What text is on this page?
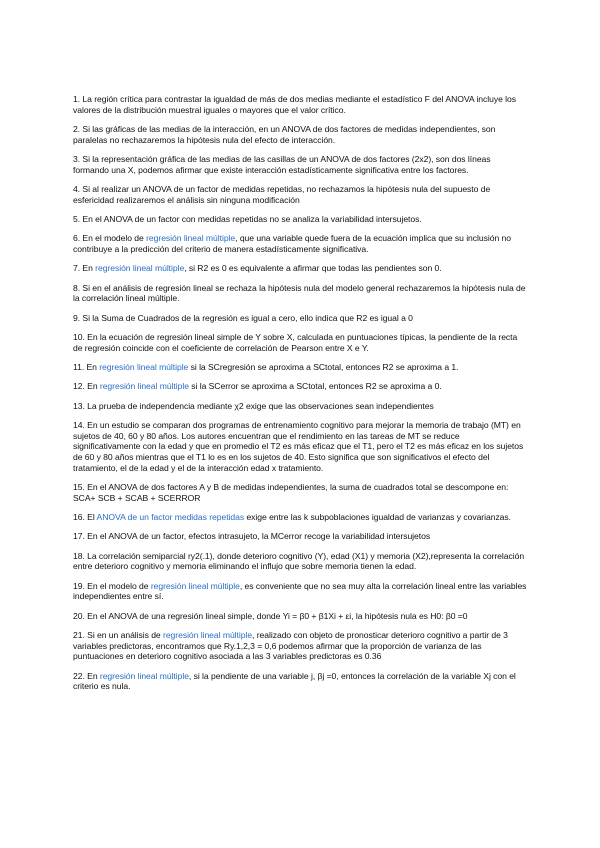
1. La región crítica para contrastar la igualdad de más de dos medias mediante el estadístico F del ANOVA incluye los valores de la distribución muestral iguales o mayores que el valor crítico.

2. Si las gráficas de las medias de la interacción, en un ANOVA de dos factores de medidas independientes, son paralelas no rechazaremos la hipótesis nula del efecto de interacción.

3. Si la representación gráfica de las medias de las casillas de un ANOVA de dos factores (2x2), son dos líneas formando una X, podemos afirmar que existe interacción estadísticamente significativa entre los factores.

4. Si al realizar un ANOVA de un factor de medidas repetidas, no rechazamos la hipótesis nula del supuesto de esfericidad realizaremos el análisis sin ninguna modificación

5. En el ANOVA de un factor con medidas repetidas no se analiza la variabilidad intersujetos.

6. En el modelo de regresión lineal múltiple, que una variable quede fuera de la ecuación implica que su inclusión no contribuye a la predicción del criterio de manera estadísticamente significativa.

7. En regresión lineal múltiple, si R2 es 0 es equivalente a afirmar que todas las pendientes son 0.

8. Si en el análisis de regresión lineal se rechaza la hipótesis nula del modelo general rechazaremos la hipótesis nula de la correlación lineal múltiple.

9. Si la Suma de Cuadrados de la regresión es igual a cero, ello indica que R2 es igual a 0

10. En la ecuación de regresión lineal simple de Y sobre X, calculada en puntuaciones típicas, la pendiente de la recta de regresión coincide con el coeficiente de correlación de Pearson entre X e Y.

11. En regresión lineal múltiple si la SCregresión se aproxima a SCtotal, entonces R2 se aproxima a 1.

12. En regresión lineal múltiple si la SCerror se aproxima a SCtotal, entonces R2 se aproxima a 0.

13. La prueba de independencia mediante χ2 exige que las observaciones sean independientes

14. En un estudio se comparan dos programas de entrenamiento cognitivo para mejorar la memoria de trabajo (MT) en sujetos de 40, 60 y 80 años. Los autores encuentran que el rendimiento en las tareas de MT se reduce significativamente con la edad y que en promedio el T2 es más eficaz que el T1, pero el T2 es más eficaz en los sujetos de 60 y 80 años mientras que el T1 lo es en los sujetos de 40. Esto significa que son significativos el efecto del tratamiento, el de la edad y el de la interacción edad x tratamiento.

15. En el ANOVA de dos factores A y B de medidas independientes, la suma de cuadrados total se descompone en: SCA+ SCB + SCAB + SCERROR

16. El ANOVA de un factor medidas repetidas exige entre las k subpoblaciones igualdad de varianzas y covarianzas.

17. En el ANOVA de un factor, efectos intrasujeto, la MCerror recoge la variabilidad intersujetos

18. La correlación semiparcial ry2(.1), donde deterioro cognitivo (Y), edad (X1) y memoria (X2),representa la correlación entre deterioro cognitivo y memoria eliminando el influjo que sobre memoria tienen la edad.

19. En el modelo de regresión lineal múltiple, es conveniente que no sea muy alta la correlación lineal entre las variables independientes entre sí.

20. En el ANOVA de una regresión lineal simple, donde Yi = β0 + β1Xi + εi, la hipótesis nula es H0: β0 =0

21. Si en un análisis de regresión lineal múltiple, realizado con objeto de pronosticar deterioro cognitivo a partir de 3 variables predictoras, encontramos que Ry.1,2,3 = 0,6 podemos afirmar que la proporción de varianza de las puntuaciones en deterioro cognitivo asociada a las 3 variables predictoras es 0.36

22. En regresión lineal múltiple, si la pendiente de una variable j, βj =0, entonces la correlación de la variable Xj con el criterio es nula.
